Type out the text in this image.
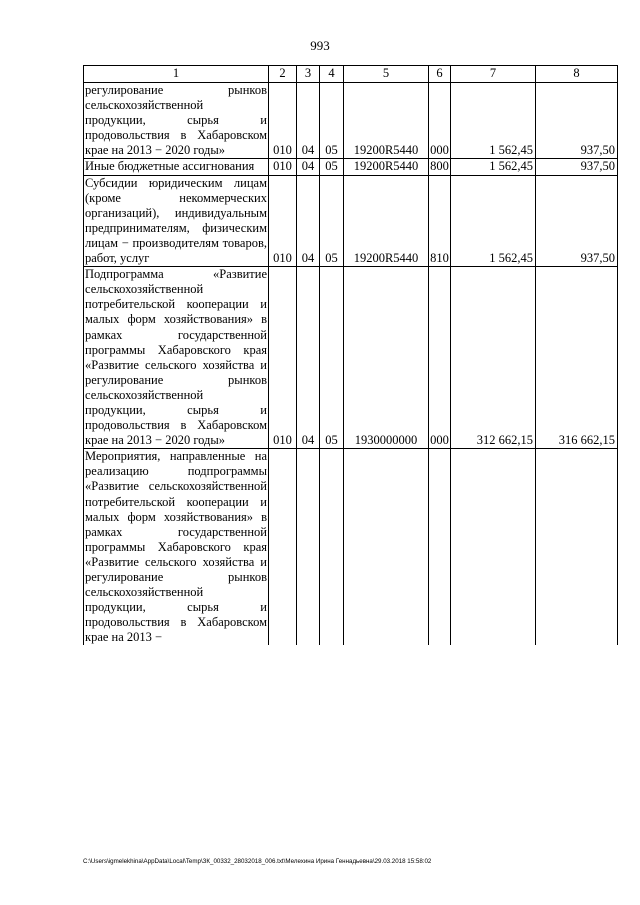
993
1	2	3	4	5	6	7	8
регулирование рынков сельскохозяйственной продукции, сырья и продовольствия в Хабаровском крае на 2013 − 2020 годы»	010	04	05	19200R5440	000	1 562,45	937,50
Иные бюджетные ассигнования	010	04	05	19200R5440	800	1 562,45	937,50
Субсидии юридическим лицам (кроме некоммерческих организаций), индивидуальным предпринимателям, физическим лицам − производителям товаров, работ, услуг	010	04	05	19200R5440	810	1 562,45	937,50
Подпрограмма «Развитие сельскохозяйственной потребительской кооперации и малых форм хозяйствования» в рамках государственной программы Хабаровского края «Развитие сельского хозяйства и регулирование рынков сельскохозяйственной продукции, сырья и продовольствия в Хабаровском крае на 2013 − 2020 годы»	010	04	05	1930000000	000	312 662,15	316 662,15
Мероприятия, направленные на реализацию подпрограммы «Развитие сельскохозяйственной потребительской кооперации и малых форм хозяйствования» в рамках государственной программы Хабаровского края «Развитие сельского хозяйства и регулирование рынков сельскохозяйственной продукции, сырья и продовольствия в Хабаровском крае на 2013 −							
C:\Users\igmelekhina\AppData\Local\Temp\ЗК_00332_28032018_006.txt\Мелехина Ирина Геннадьевна\29.03.2018 15:58:02
